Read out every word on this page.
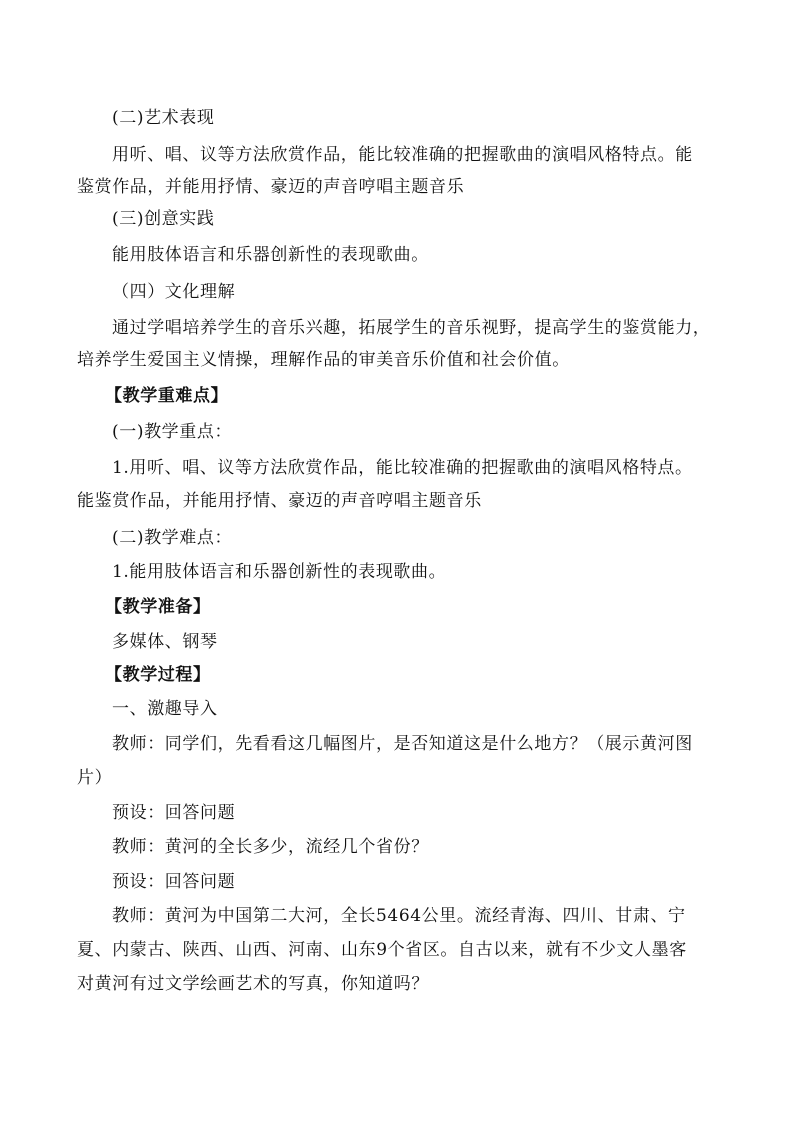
(二)艺术表现
用听、唱、议等方法欣赏作品，能比较准确的把握歌曲的演唱风格特点。能
鉴赏作品，并能用抒情、豪迈的声音哼唱主题音乐
(三)创意实践
能用肢体语言和乐器创新性的表现歌曲。
（四）文化理解
通过学唱培养学生的音乐兴趣，拓展学生的音乐视野，提高学生的鉴赏能力，
培养学生爱国主义情操，理解作品的审美音乐价值和社会价值。
【教学重难点】
(一)教学重点：
1.用听、唱、议等方法欣赏作品，能比较准确的把握歌曲的演唱风格特点。
能鉴赏作品，并能用抒情、豪迈的声音哼唱主题音乐
(二)教学难点：
1.能用肢体语言和乐器创新性的表现歌曲。
【教学准备】
多媒体、钢琴
【教学过程】
一、激趣导入
教师：同学们，先看看这几幅图片，是否知道这是什么地方？（展示黄河图
片）
预设：回答问题
教师：黄河的全长多少，流经几个省份？
预设：回答问题
教师：黄河为中国第二大河，全长5464公里。流经青海、四川、甘肃、宁
夏、内蒙古、陕西、山西、河南、山东9个省区。自古以来，就有不少文人墨客
对黄河有过文学绘画艺术的写真，你知道吗？
